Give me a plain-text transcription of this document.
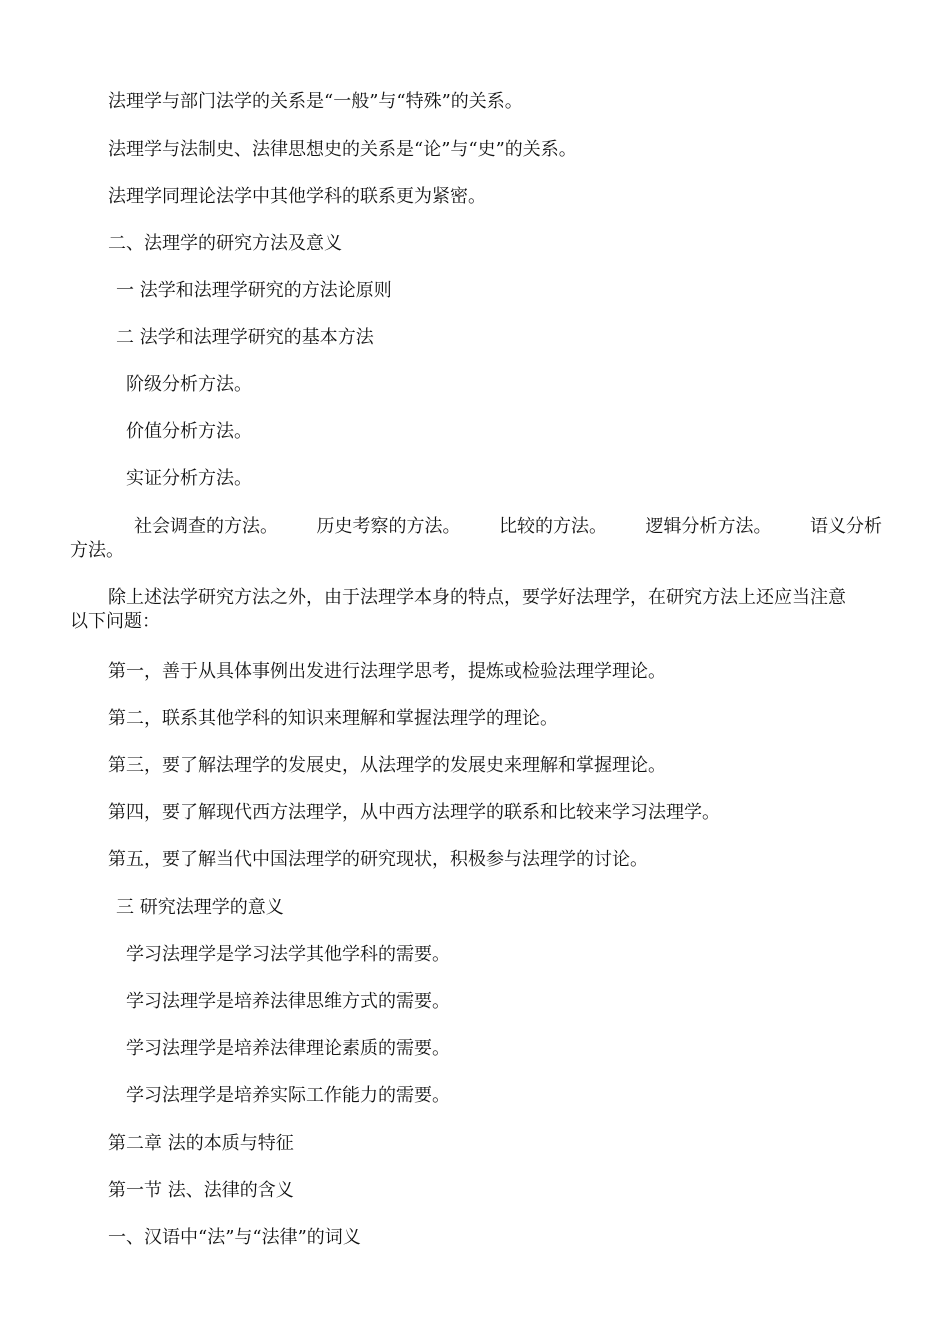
法理学与部门法学的关系是“一般”与“特殊”的关系。
法理学与法制史、法律思想史的关系是“论”与“史”的关系。
法理学同理论法学中其他学科的联系更为紧密。
二、法理学的研究方法及意义
一 法学和法理学研究的方法论原则
二 法学和法理学研究的基本方法
阶级分析方法。
价值分析方法。
实证分析方法。
社会调查的方法。 历史考察的方法。 比较的方法。 逻辑分析方法。 语义分析
方法。
除上述法学研究方法之外，由于法理学本身的特点，要学好法理学，在研究方法上还应当注意
以下问题：
第一，善于从具体事例出发进行法理学思考，提炼或检验法理学理论。
第二，联系其他学科的知识来理解和掌握法理学的理论。
第三，要了解法理学的发展史，从法理学的发展史来理解和掌握理论。
第四，要了解现代西方法理学，从中西方法理学的联系和比较来学习法理学。
第五，要了解当代中国法理学的研究现状，积极参与法理学的讨论。
三 研究法理学的意义
学习法理学是学习法学其他学科的需要。
学习法理学是培养法律思维方式的需要。
学习法理学是培养法律理论素质的需要。
学习法理学是培养实际工作能力的需要。
第二章 法的本质与特征
第一节 法、法律的含义
一、汉语中“法”与“法律”的词义
